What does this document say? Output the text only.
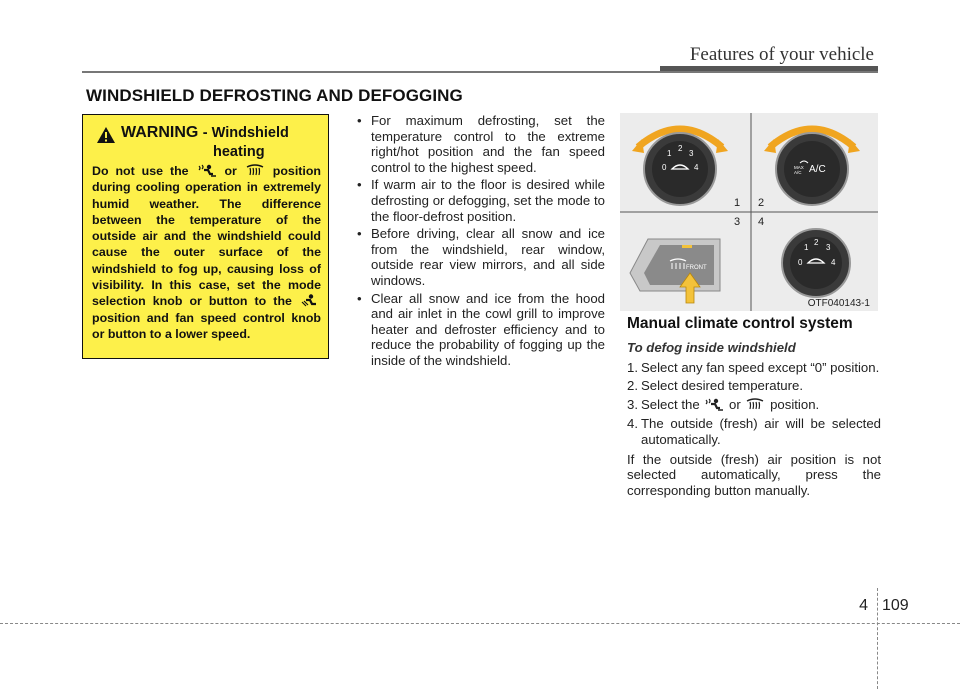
Features of your vehicle
WINDSHIELD DEFROSTING AND DEFOGGING
WARNING - Windshield
heating
Do not use the	or	position during cooling operation in extremely humid weather. The difference between the temperature of the outside air and the windshield could cause the outer surface of the windshield to fog up, causing loss of visibility. In this case, set the mode selection knob or button to the  position and fan speed control knob or button to a lower speed.
• For maximum defrosting, set the temperature control to the extreme right/hot position and the fan speed control to the highest speed.
• If warm air to the floor is desired while defrosting or defogging, set the mode to the floor-defrost position.
• Before driving, clear all snow and ice from the windshield, rear window, outside rear view mirrors, and all side windows.
• Clear all snow and ice from the hood and air inlet in the cowl grill to improve heater and defroster efficiency and to reduce the probability of fogging up the inside of the windshield.
0
1
2
3
4	A/C
MAX
A/C
1 2
3 4
FRONT
0
1
2
3
4
OTF040143-1
Manual climate control system
To defog inside windshield
1. Select any fan speed except “0” position.
2. Select desired temperature.
3. Select the or position.
4. The outside (fresh) air will be selected automatically.

If the outside (fresh) air position is not selected automatically, press the corresponding button manually.

4 109
